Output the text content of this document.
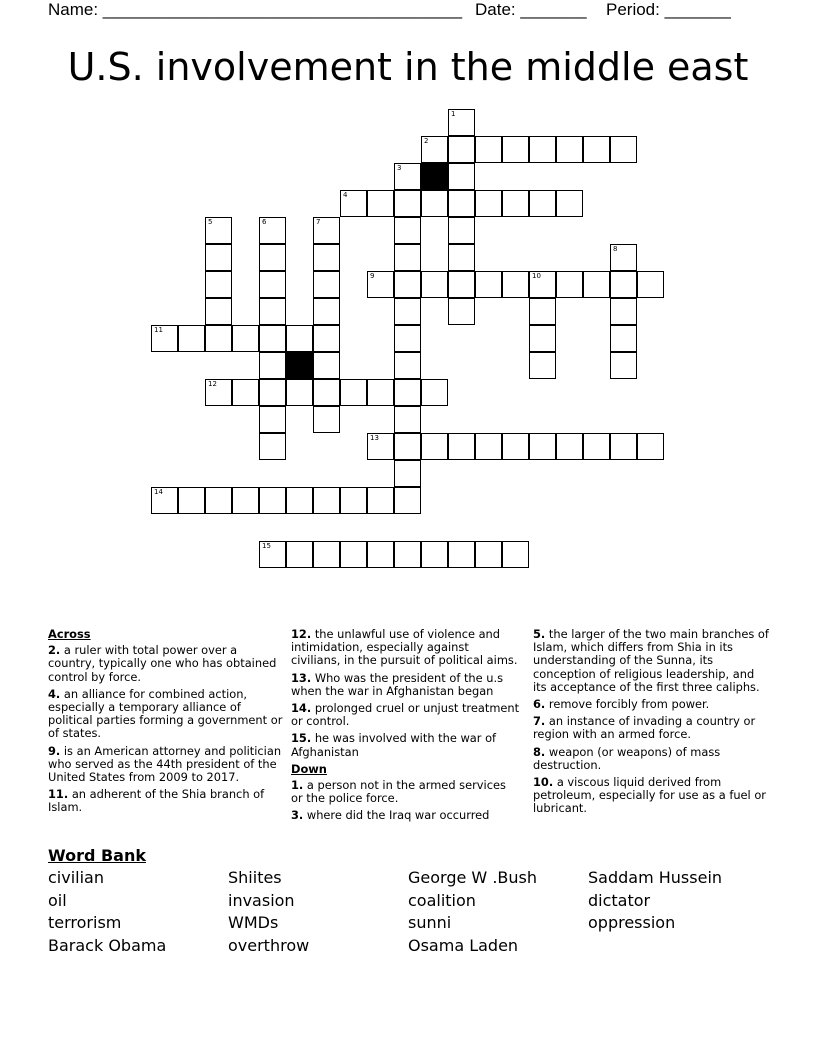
Name: ______________________________________ Date: _______ Period: _______
U.S. involvement in the middle east
1
2
3
4
5	6	7
8
9	10
11
12
13
14
15
Across
2. a ruler with total power over a country, typically one who has obtained control by force.
4. an alliance for combined action, especially a temporary alliance of political parties forming a government or of states.
9. is an American attorney and politician who served as the 44th president of the United States from 2009 to 2017.
11. an adherent of the Shia branch of Islam.
12. the unlawful use of violence and intimidation, especially against civilians, in the pursuit of political aims.
13. Who was the president of the u.s when the war in Afghanistan began
14. prolonged cruel or unjust treatment or control.
15. he was involved with the war of Afghanistan
Down
1. a person not in the armed services or the police force.
3. where did the Iraq war occurred
5. the larger of the two main branches of Islam, which differs from Shia in its understanding of the Sunna, its conception of religious leadership, and its acceptance of the first three caliphs.
6. remove forcibly from power.
7. an instance of invading a country or region with an armed force.
8. weapon (or weapons) of mass destruction.
10. a viscous liquid derived from petroleum, especially for use as a fuel or lubricant.
Word Bank
civilian	Shiites	George W .Bush	Saddam Hussein
oil	invasion	coalition	dictator
terrorism	WMDs	sunni	oppression
Barack Obama	overthrow	Osama Laden
